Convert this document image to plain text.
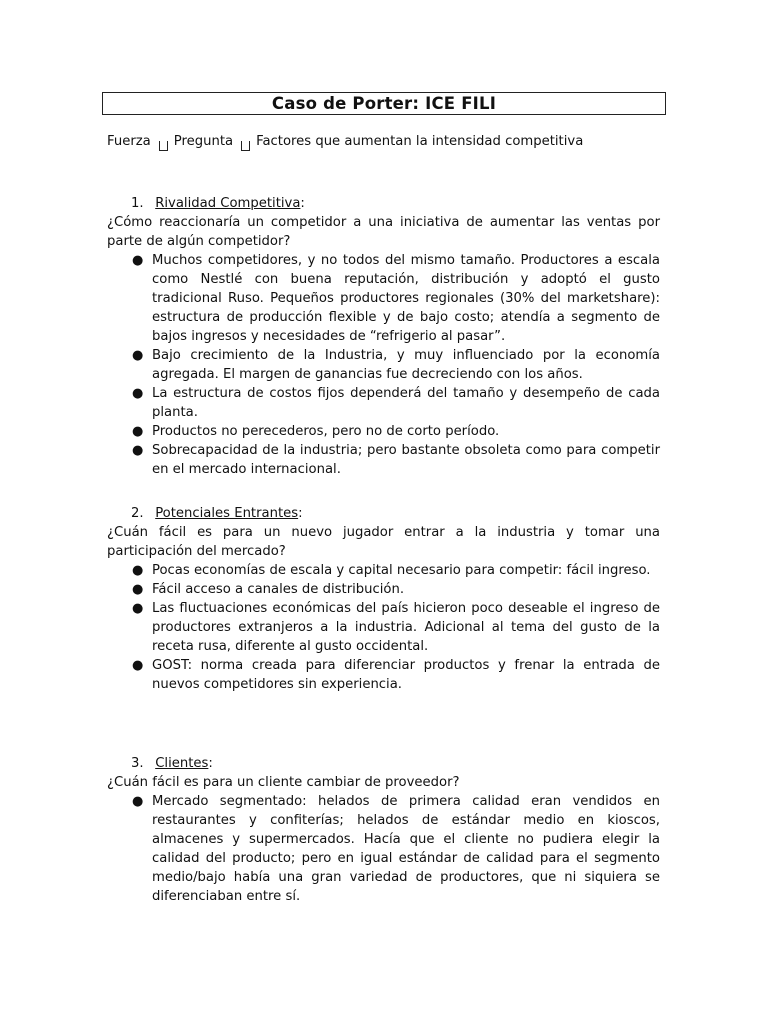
Caso de Porter: ICE FILI
Fuerza Pregunta Factores que aumentan la intensidad competitiva
1. Rivalidad Competitiva:
¿Cómo reaccionaría un competidor a una iniciativa de aumentar las ventas por parte de algún competidor?
● Muchos competidores, y no todos del mismo tamaño. Productores a escala como Nestlé con buena reputación, distribución y adoptó el gusto tradicional Ruso. Pequeños productores regionales (30% del marketshare): estructura de producción flexible y de bajo costo; atendía a segmento de bajos ingresos y necesidades de “refrigerio al pasar”.
● Bajo crecimiento de la Industria, y muy influenciado por la economía agregada. El margen de ganancias fue decreciendo con los años.
● La estructura de costos fijos dependerá del tamaño y desempeño de cada planta.
● Productos no perecederos, pero no de corto período.
● Sobrecapacidad de la industria; pero bastante obsoleta como para competir en el mercado internacional.
2. Potenciales Entrantes:
¿Cuán fácil es para un nuevo jugador entrar a la industria y tomar una participación del mercado?
● Pocas economías de escala y capital necesario para competir: fácil ingreso.
● Fácil acceso a canales de distribución.
● Las fluctuaciones económicas del país hicieron poco deseable el ingreso de productores extranjeros a la industria. Adicional al tema del gusto de la receta rusa, diferente al gusto occidental.
● GOST: norma creada para diferenciar productos y frenar la entrada de nuevos competidores sin experiencia.
3. Clientes:
¿Cuán fácil es para un cliente cambiar de proveedor?
● Mercado segmentado: helados de primera calidad eran vendidos en restaurantes y confiterías; helados de estándar medio en kioscos, almacenes y supermercados. Hacía que el cliente no pudiera elegir la calidad del producto; pero en igual estándar de calidad para el segmento medio/bajo había una gran variedad de productores, que ni siquiera se diferenciaban entre sí.
